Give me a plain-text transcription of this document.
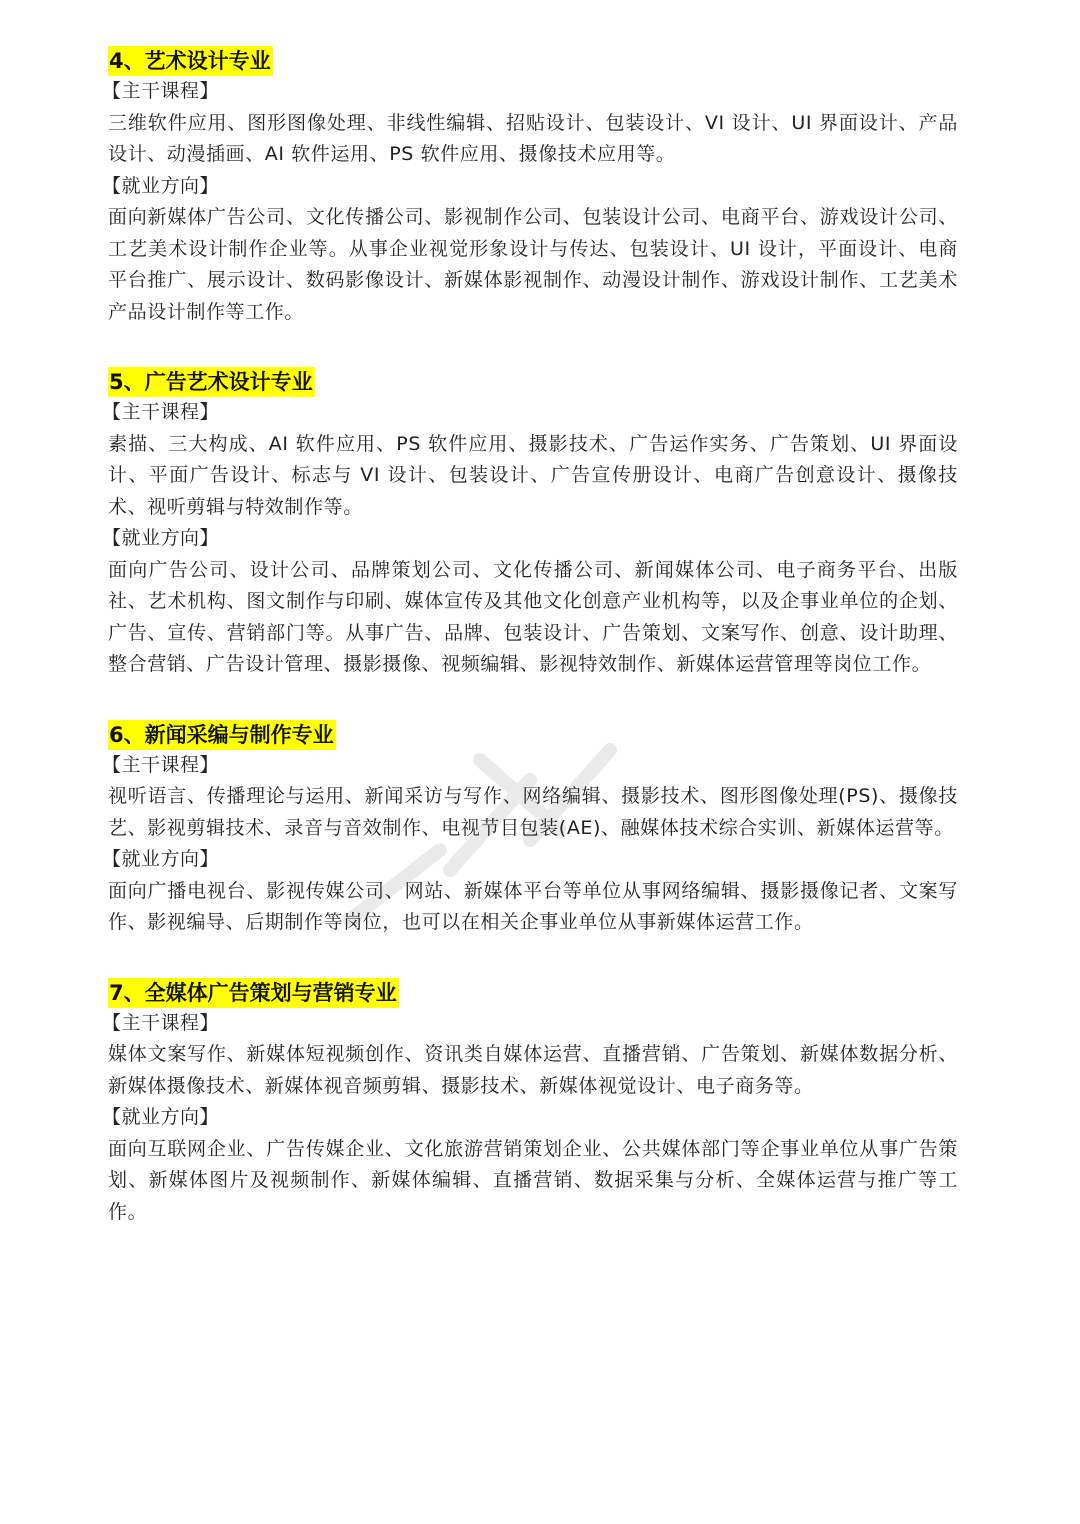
4、艺术设计专业
【主干课程】

三维软件应用、图形图像处理、非线性编辑、招贴设计、包装设计、VI 设计、UI 界面设计、产品设计、动漫插画、AI 软件运用、PS 软件应用、摄像技术应用等。

【就业方向】

面向新媒体广告公司、文化传播公司、影视制作公司、包装设计公司、电商平台、游戏设计公司、工艺美术设计制作企业等。从事企业视觉形象设计与传达、包装设计、UI 设计，平面设计、电商平台推广、展示设计、数码影像设计、新媒体影视制作、动漫设计制作、游戏设计制作、工艺美术产品设计制作等工作。

5、广告艺术设计专业
【主干课程】

素描、三大构成、AI 软件应用、PS 软件应用、摄影技术、广告运作实务、广告策划、UI 界面设计、平面广告设计、标志与 VI 设计、包装设计、广告宣传册设计、电商广告创意设计、摄像技术、视听剪辑与特效制作等。

【就业方向】

面向广告公司、设计公司、品牌策划公司、文化传播公司、新闻媒体公司、电子商务平台、出版社、艺术机构、图文制作与印刷、媒体宣传及其他文化创意产业机构等，以及企事业单位的企划、广告、宣传、营销部门等。从事广告、品牌、包装设计、广告策划、文案写作、创意、设计助理、整合营销、广告设计管理、摄影摄像、视频编辑、影视特效制作、新媒体运营管理等岗位工作。

6、新闻采编与制作专业
【主干课程】

视听语言、传播理论与运用、新闻采访与写作、网络编辑、摄影技术、图形图像处理(PS)、摄像技艺、影视剪辑技术、录音与音效制作、电视节目包装(AE)、融媒体技术综合实训、新媒体运营等。

【就业方向】

面向广播电视台、影视传媒公司、网站、新媒体平台等单位从事网络编辑、摄影摄像记者、文案写作、影视编导、后期制作等岗位，也可以在相关企事业单位从事新媒体运营工作。

7、全媒体广告策划与营销专业
【主干课程】

媒体文案写作、新媒体短视频创作、资讯类自媒体运营、直播营销、广告策划、新媒体数据分析、新媒体摄像技术、新媒体视音频剪辑、摄影技术、新媒体视觉设计、电子商务等。

【就业方向】

面向互联网企业、广告传媒企业、文化旅游营销策划企业、公共媒体部门等企事业单位从事广告策划、新媒体图片及视频制作、新媒体编辑、直播营销、数据采集与分析、全媒体运营与推广等工作。
